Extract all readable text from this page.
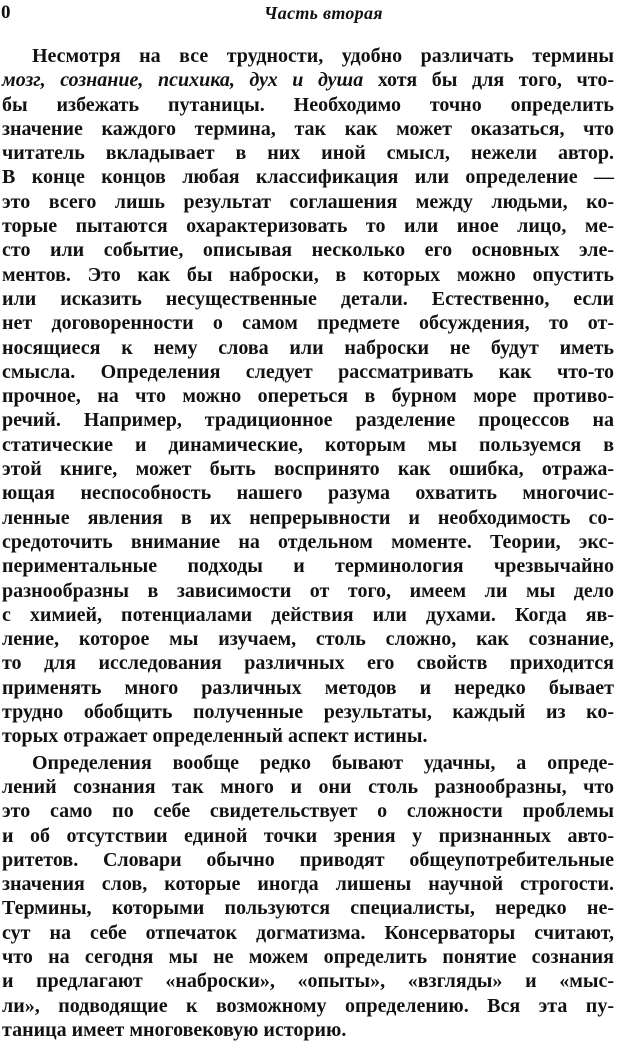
0	Часть вторая
Несмотря на все трудности, удобно различать термины
мозг, сознание, психика, дух и душа хотя бы для того, что-
бы избежать путаницы. Необходимо точно определить
значение каждого термина, так как может оказаться, что
читатель вкладывает в них иной смысл, нежели автор.
В конце концов любая классификация или определение —
это всего лишь результат соглашения между людьми, ко-
торые пытаются охарактеризовать то или иное лицо, ме-
сто или событие, описывая несколько его основных эле-
ментов. Это как бы наброски, в которых можно опустить
или исказить несущественные детали. Естественно, если
нет договоренности о самом предмете обсуждения, то от-
носящиеся к нему слова или наброски не будут иметь
смысла. Определения следует рассматривать как что-то
прочное, на что можно опереться в бурном море противо-
речий. Например, традиционное разделение процессов на
статические и динамические, которым мы пользуемся в
этой книге, может быть воспринято как ошибка, отража-
ющая неспособность нашего разума охватить многочис-
ленные явления в их непрерывности и необходимость со-
средоточить внимание на отдельном моменте. Теории, экс-
периментальные подходы и терминология чрезвычайно
разнообразны в зависимости от того, имеем ли мы дело
с химией, потенциалами действия или духами. Когда яв-
ление, которое мы изучаем, столь сложно, как сознание,
то для исследования различных его свойств приходится
применять много различных методов и нередко бывает
трудно обобщить полученные результаты, каждый из ко-
торых отражает определенный аспект истины.
Определения вообще редко бывают удачны, а опреде-
лений сознания так много и они столь разнообразны, что
это само по себе свидетельствует о сложности проблемы
и об отсутствии единой точки зрения у признанных авто-
ритетов. Словари обычно приводят общеупотребительные
значения слов, которые иногда лишены научной строгости.
Термины, которыми пользуются специалисты, нередко не-
сут на себе отпечаток догматизма. Консерваторы считают,
что на сегодня мы не можем определить понятие сознания
и предлагают «наброски», «опыты», «взгляды» и «мыс-
ли», подводящие к возможному определению. Вся эта пу-
таница имеет многовековую историю.
